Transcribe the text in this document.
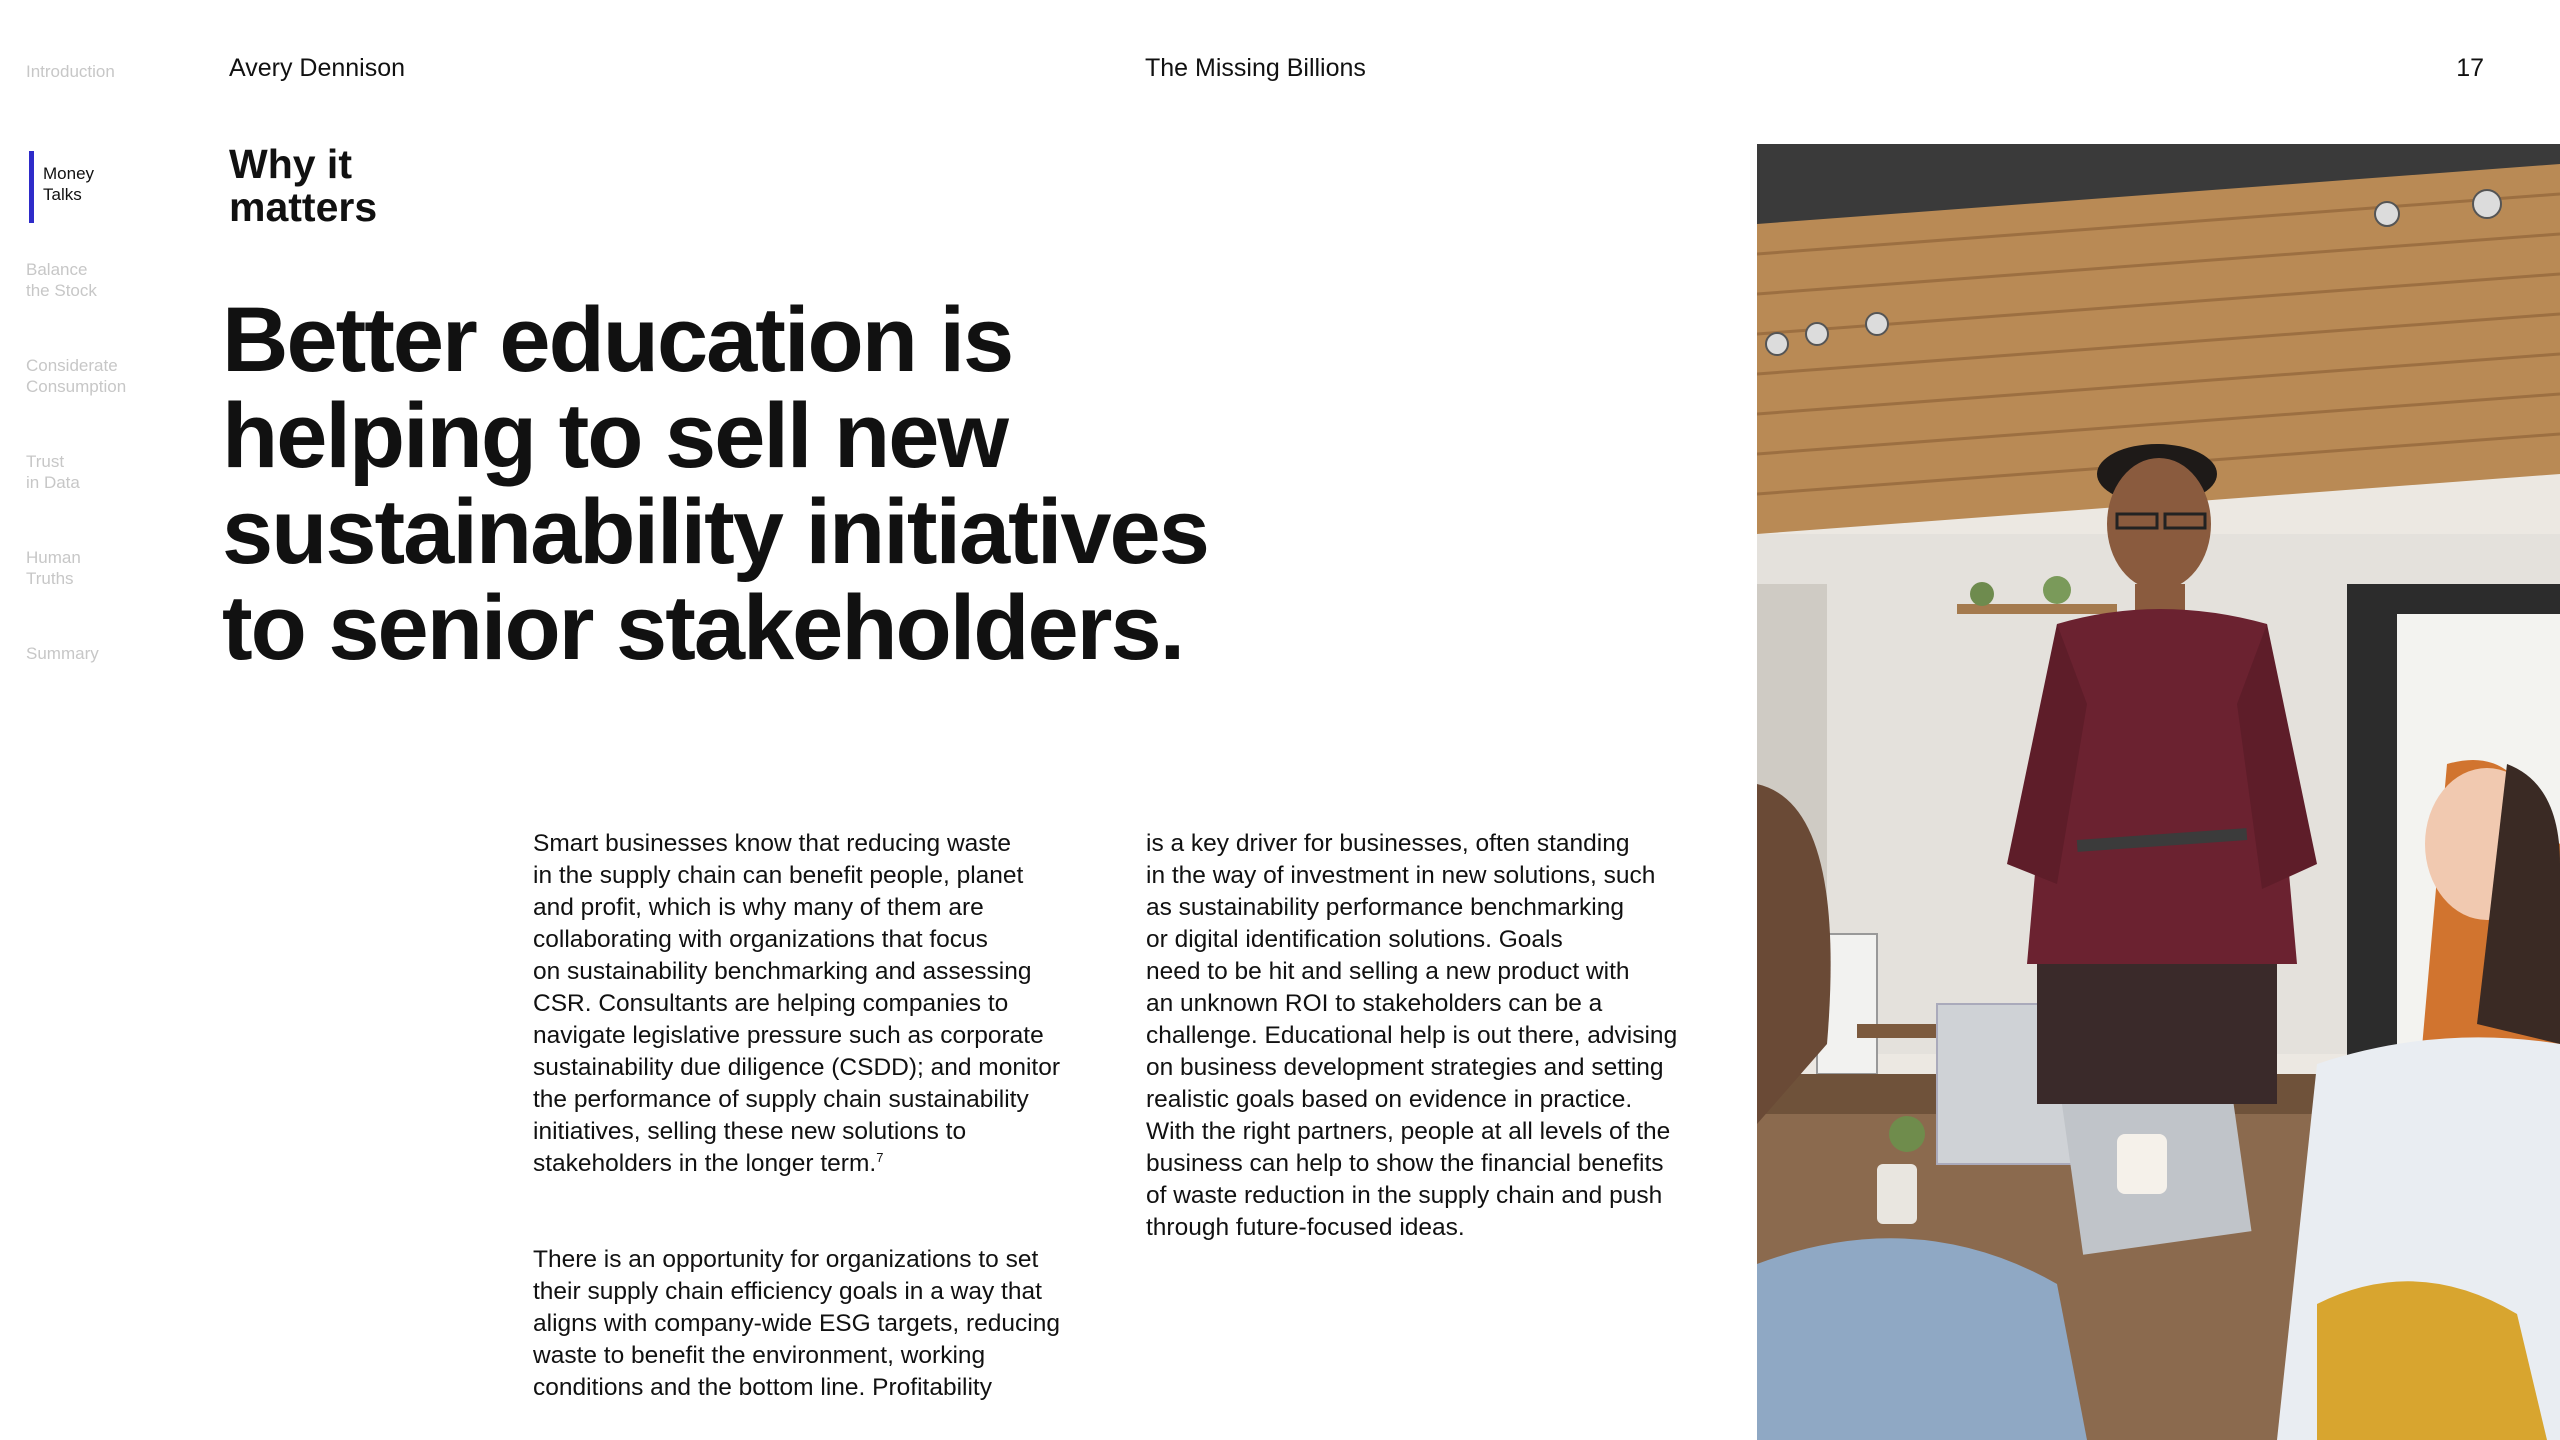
Introduction
Money
Talks
Balance
the Stock
Considerate
Consumption
Trust
in Data
Human
Truths
Summary
Avery Dennison	The Missing Billions	17
Why it
matters
Better education is
helping to sell new
sustainability initiatives
to senior stakeholders.

Smart businesses know that reducing waste
in the supply chain can benefit people, planet
and profit, which is why many of them are
collaborating with organizations that focus
on sustainability benchmarking and assessing
CSR. Consultants are helping companies to
navigate legislative pressure such as corporate
sustainability due diligence (CSDD); and monitor
the performance of supply chain sustainability
initiatives, selling these new solutions to
stakeholders in the longer term.$^7$

There is an opportunity for organizations to set
their supply chain efficiency goals in a way that
aligns with company-wide ESG targets, reducing
waste to benefit the environment, working
conditions and the bottom line. Profitability

is a key driver for businesses, often standing
in the way of investment in new solutions, such
as sustainability performance benchmarking
or digital identification solutions. Goals
need to be hit and selling a new product with
an unknown ROI to stakeholders can be a
challenge. Educational help is out there, advising
on business development strategies and setting
realistic goals based on evidence in practice.
With the right partners, people at all levels of the
business can help to show the financial benefits
of waste reduction in the supply chain and push
through future-focused ideas.
